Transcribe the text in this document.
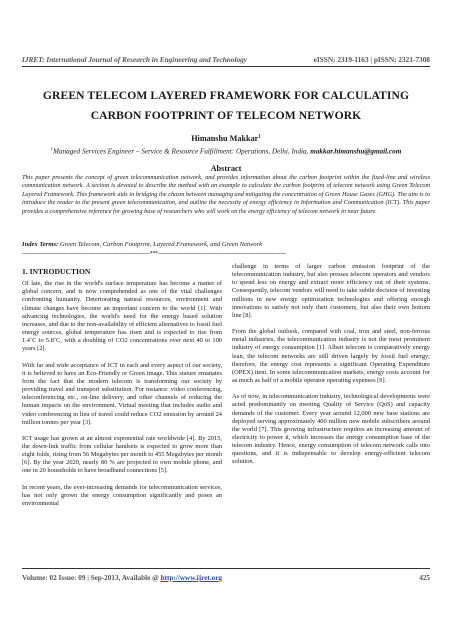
IJRET: International Journal of Research in Engineering and Technology	eISSN: 2319-1163 | pISSN: 2321-7308
GREEN TELECOM LAYERED FRAMEWORK FOR CALCULATING
CARBON FOOTPRINT OF TELECOM NETWORK
Himanshu Makkar$^1$
$^1$Managed Services Engineer – Service & Resource Fulfillment: Operations, Delhi, India, makkar.himanshu@gmail.com
Abstract
This paper presents the concept of green telecommunication network, and provides information about the carbon footprint within the fixed-line and wireless communication network. A section is devoted to describe the method with an example to calculate the carbon footprint of telecom network using Green Telecom Layered Framework. This framework aids in bridging the chasm between managing and mitigating the concentration of Green House Gases (GHG). The aim is to introduce the reader to the present green telecommunication, and outline the necessity of energy efficiency in Information and Communication (ICT). This paper provides a comprehensive reference for growing base of researchers who will work on the energy efficiency of telecom network in near future.
Index Terms: Green Telecom, Carbon Footprint, Layered Framework, and Green Network
-----------------------------------------------------------------------***-----------------------------------------------------------------------
1. INTRODUCTION

Of late, the rise in the world's surface temperature has become a matter of global concern, and is now comprehended as one of the vital challenges confronting humanity. Deteriorating natural resources, environment and climate changes have become an important concern to the world [1]. With advancing technologies, the world's need for the energy based solution increases, and due to the non-availability of efficient alternatives to fossil fuel energy sources, global temperature has risen and is expected to rise from 1.4˚C to 5.8˚C, with a doubling of CO2 concentrations over next 40 to 100 years [2].

With far and wide acceptance of ICT in each and every aspect of our society, it is believed to have an Eco-Friendly or Green image. This stature emanates from the fact that the modern telecom is transforming our society by providing travel and transport substitution. For instance: video conferencing, teleconferencing etc., on-line delivery, and other channels of reducing the human impacts on the environment. Virtual meeting that includes audio and video conferencing in lieu of travel could reduce CO2 emission by around 24 million tonnes per year [3].

ICT usage has grown at an almost exponential rate worldwide [4]. By 2015, the down-link traffic from cellular handsets is expected to grow more than eight folds, rising from 56 Megabytes per month to 455 Megabytes per month [6]. By the year 2020, nearly 80 % are projected to own mobile phone, and one in 20 households to have broadband connections [5].

In recent years, the ever-increasing demands for telecommunication services, has not only grown the energy consumption significantly and poses an environmental

challenge in terms of larger carbon emission footprint of the telecommunication industry, but also presses telecom operators and vendors to spend less on energy and extract more efficiency out of their systems. Consequently, telecom vendors will need to take subtle decision of investing millions in new energy optimization technologies and offering enough innovations to satisfy not only their customers, but also their own bottom line [8].

From the global outlook, compared with coal, iron and steel, non-ferrous metal industries, the telecommunication industry is not the most prominent industry of energy consumption [1]. Albeit telecom is comparatively energy lean, the telecom networks are still driven largely by fossil fuel energy; therefore, the energy cost represents a significant Operating Expenditure (OPEX) item. In some telecommunication markets, energy costs account for as much as half of a mobile operator operating expenses [9].

As of now, in telecommunication industry, technological developments were acted predominantly on meeting Quality of Service (QoS) and capacity demands of the customer. Every year around 12,000 new base stations are deployed serving approximately 400 million new mobile subscribers around the world [7]. This growing infrastructure requires an increasing amount of electricity to power it, which increases the energy consumption base of the telecom industry. Hence, energy consumption of telecom network calls into questions, and it is indispensable to develop energy-efficient telecom solution.

Volume: 02 Issue: 09 | Sep-2013, Available @ http://www.ijret.org	425
